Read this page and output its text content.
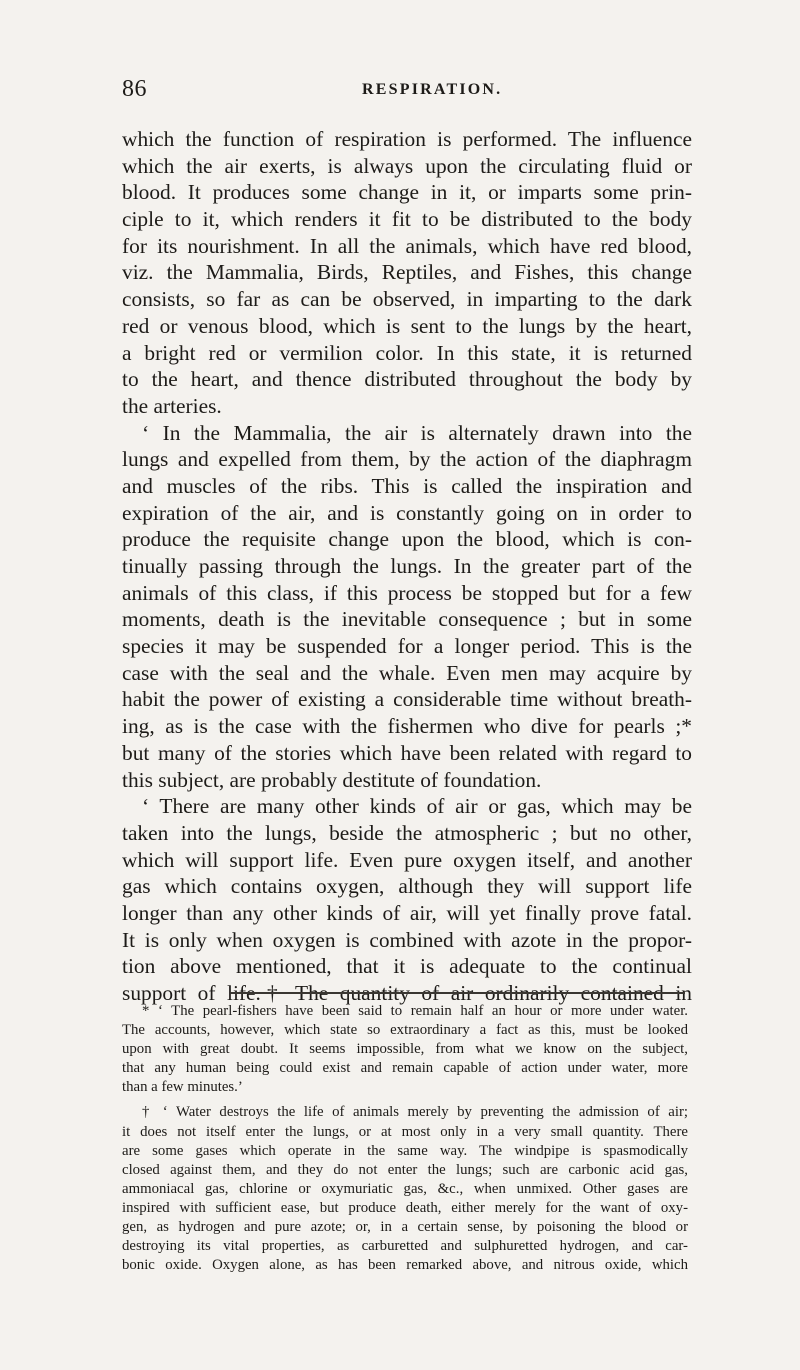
86	RESPIRATION.
which the function of respiration is performed. The influence
which the air exerts, is always upon the circulating fluid or
blood. It produces some change in it, or imparts some prin-
ciple to it, which renders it fit to be distributed to the body
for its nourishment. In all the animals, which have red blood,
viz. the Mammalia, Birds, Reptiles, and Fishes, this change
consists, so far as can be observed, in imparting to the dark
red or venous blood, which is sent to the lungs by the heart,
a bright red or vermilion color. In this state, it is returned
to the heart, and thence distributed throughout the body by
the arteries.
‘ In the Mammalia, the air is alternately drawn into the
lungs and expelled from them, by the action of the diaphragm
and muscles of the ribs. This is called the inspiration and
expiration of the air, and is constantly going on in order to
produce the requisite change upon the blood, which is con-
tinually passing through the lungs. In the greater part of the
animals of this class, if this process be stopped but for a few
moments, death is the inevitable consequence ; but in some
species it may be suspended for a longer period. This is the
case with the seal and the whale. Even men may acquire by
habit the power of existing a considerable time without breath-
ing, as is the case with the fishermen who dive for pearls ;*
but many of the stories which have been related with regard to
this subject, are probably destitute of foundation.
‘ There are many other kinds of air or gas, which may be
taken into the lungs, beside the atmospheric ; but no other,
which will support life. Even pure oxygen itself, and another
gas which contains oxygen, although they will support life
longer than any other kinds of air, will yet finally prove fatal.
It is only when oxygen is combined with azote in the propor-
tion above mentioned, that it is adequate to the continual
support of life.† The quantity of air ordinarily contained in
* ‘ The pearl-fishers have been said to remain half an hour or more under water.
The accounts, however, which state so extraordinary a fact as this, must be looked
upon with great doubt. It seems impossible, from what we know on the subject,
that any human being could exist and remain capable of action under water, more
than a few minutes.’
† ‘ Water destroys the life of animals merely by preventing the admission of air;
it does not itself enter the lungs, or at most only in a very small quantity. There
are some gases which operate in the same way. The windpipe is spasmodically
closed against them, and they do not enter the lungs; such are carbonic acid gas,
ammoniacal gas, chlorine or oxymuriatic gas, &c., when unmixed. Other gases are
inspired with sufficient ease, but produce death, either merely for the want of oxy-
gen, as hydrogen and pure azote; or, in a certain sense, by poisoning the blood or
destroying its vital properties, as carburetted and sulphuretted hydrogen, and car-
bonic oxide. Oxygen alone, as has been remarked above, and nitrous oxide, which
